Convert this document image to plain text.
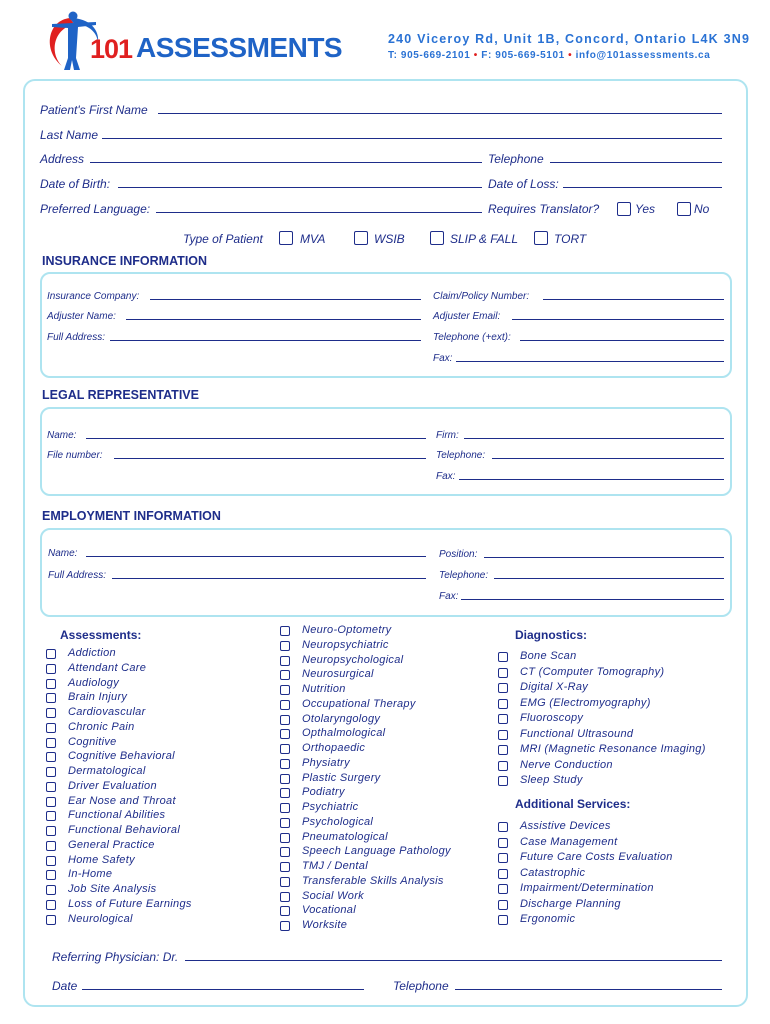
101 ASSESSMENTS	240 Viceroy Rd, Unit 1B, Concord, Ontario L4K 3N9
T: 905-669-2101 • F: 905-669-5101 • info@101assessments.ca
Patient's First Name
Last Name
Address	Telephone
Date of Birth:	Date of Loss:
Preferred Language:	Requires Translator?	Yes	No
Type of Patient	MVA	WSIB	SLIP & FALL	TORT
INSURANCE INFORMATION
Insurance Company:	Claim/Policy Number:
Adjuster Name:	Adjuster Email:
Full Address:	Telephone (+ext):
Fax:
LEGAL REPRESENTATIVE
Name:	Firm:
File number:	Telephone:
Fax:
EMPLOYMENT INFORMATION
Name:	Position:
Full Address:	Telephone:
Fax:
Assessments:	Diagnostics:
Additional Services:
Addiction
Attendant Care
Audiology
Brain Injury
Cardiovascular
Chronic Pain
Cognitive
Cognitive Behavioral
Dermatological
Driver Evaluation
Ear Nose and Throat
Functional Abilities
Functional Behavioral
General Practice
Home Safety
In-Home
Job Site Analysis
Loss of Future Earnings
Neurological
Neuro-Optometry
Neuropsychiatric
Neuropsychological
Neurosurgical
Nutrition
Occupational Therapy
Otolaryngology
Opthalmological
Orthopaedic
Physiatry
Plastic Surgery
Podiatry
Psychiatric
Psychological
Pneumatological
Speech Language Pathology
TMJ / Dental
Transferable Skills Analysis
Social Work
Vocational
Worksite
Bone Scan
CT (Computer Tomography)
Digital X-Ray
EMG (Electromyography)
Fluoroscopy
Functional Ultrasound
MRI (Magnetic Resonance Imaging)
Nerve Conduction
Sleep Study
Assistive Devices
Case Management
Future Care Costs Evaluation
Catastrophic
Impairment/Determination
Discharge Planning
Ergonomic
Referring Physician: Dr.
Date	Telephone
